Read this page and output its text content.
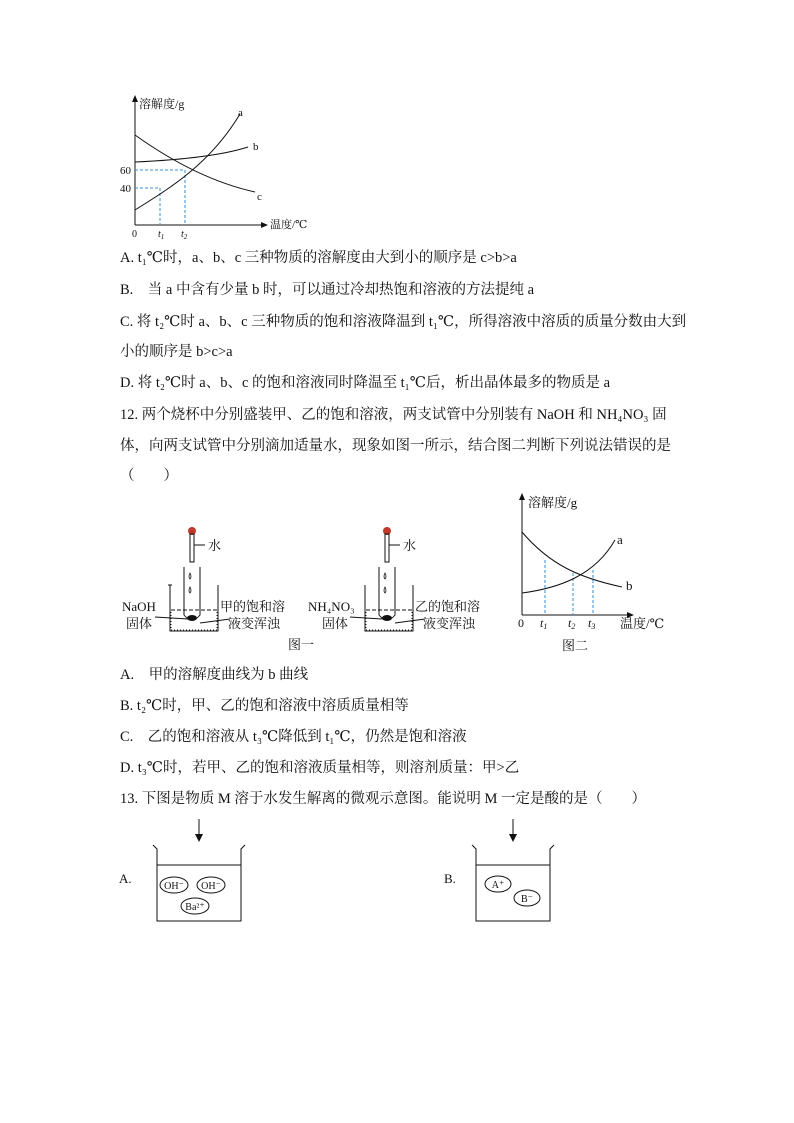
溶解度/g
温度/℃
0
60
40
$t_1$ $t_2$
a
b
c
A. t₁℃时，a、b、c 三种物质的溶解度由大到小的顺序是 c>b>a
B.　当 a 中含有少量 b 时，可以通过冷却热饱和溶液的方法提纯 a
C. 将 t₂℃时 a、b、c 三种物质的饱和溶液降温到 t₁℃，所得溶液中溶质的质量分数由大到
小的顺序是 b>c>a
D. 将 t₂℃时 a、b、c 的饱和溶液同时降温至 t₁℃后，析出晶体最多的物质是 a
12. 两个烧杯中分别盛装甲、乙的饱和溶液，两支试管中分别装有 NaOH 和 NH₄NO₃ 固
体，向两支试管中分别滴加适量水，现象如图一所示，结合图二判断下列说法错误的是
（　　）
水
NaOH
固体
甲的饱和溶
液变浑浊
水
NH₄NO₃
固体
乙的饱和溶
液变浑浊
图一
溶解度/g
温度/℃
0 t1 t2 t3
a
b
图二
A.　甲的溶解度曲线为 b 曲线
B. t₂℃时，甲、乙的饱和溶液中溶质质量相等
C.　乙的饱和溶液从 t₃℃降低到 t₁℃，仍然是饱和溶液
D. t₃℃时，若甲、乙的饱和溶液质量相等，则溶剂质量：甲>乙
13. 下图是物质 M 溶于水发生解离的微观示意图。能说明 M 一定是酸的是（　　）
A.
OH⁻ OH⁻
Ba²⁺
B.	A⁺
B⁻
